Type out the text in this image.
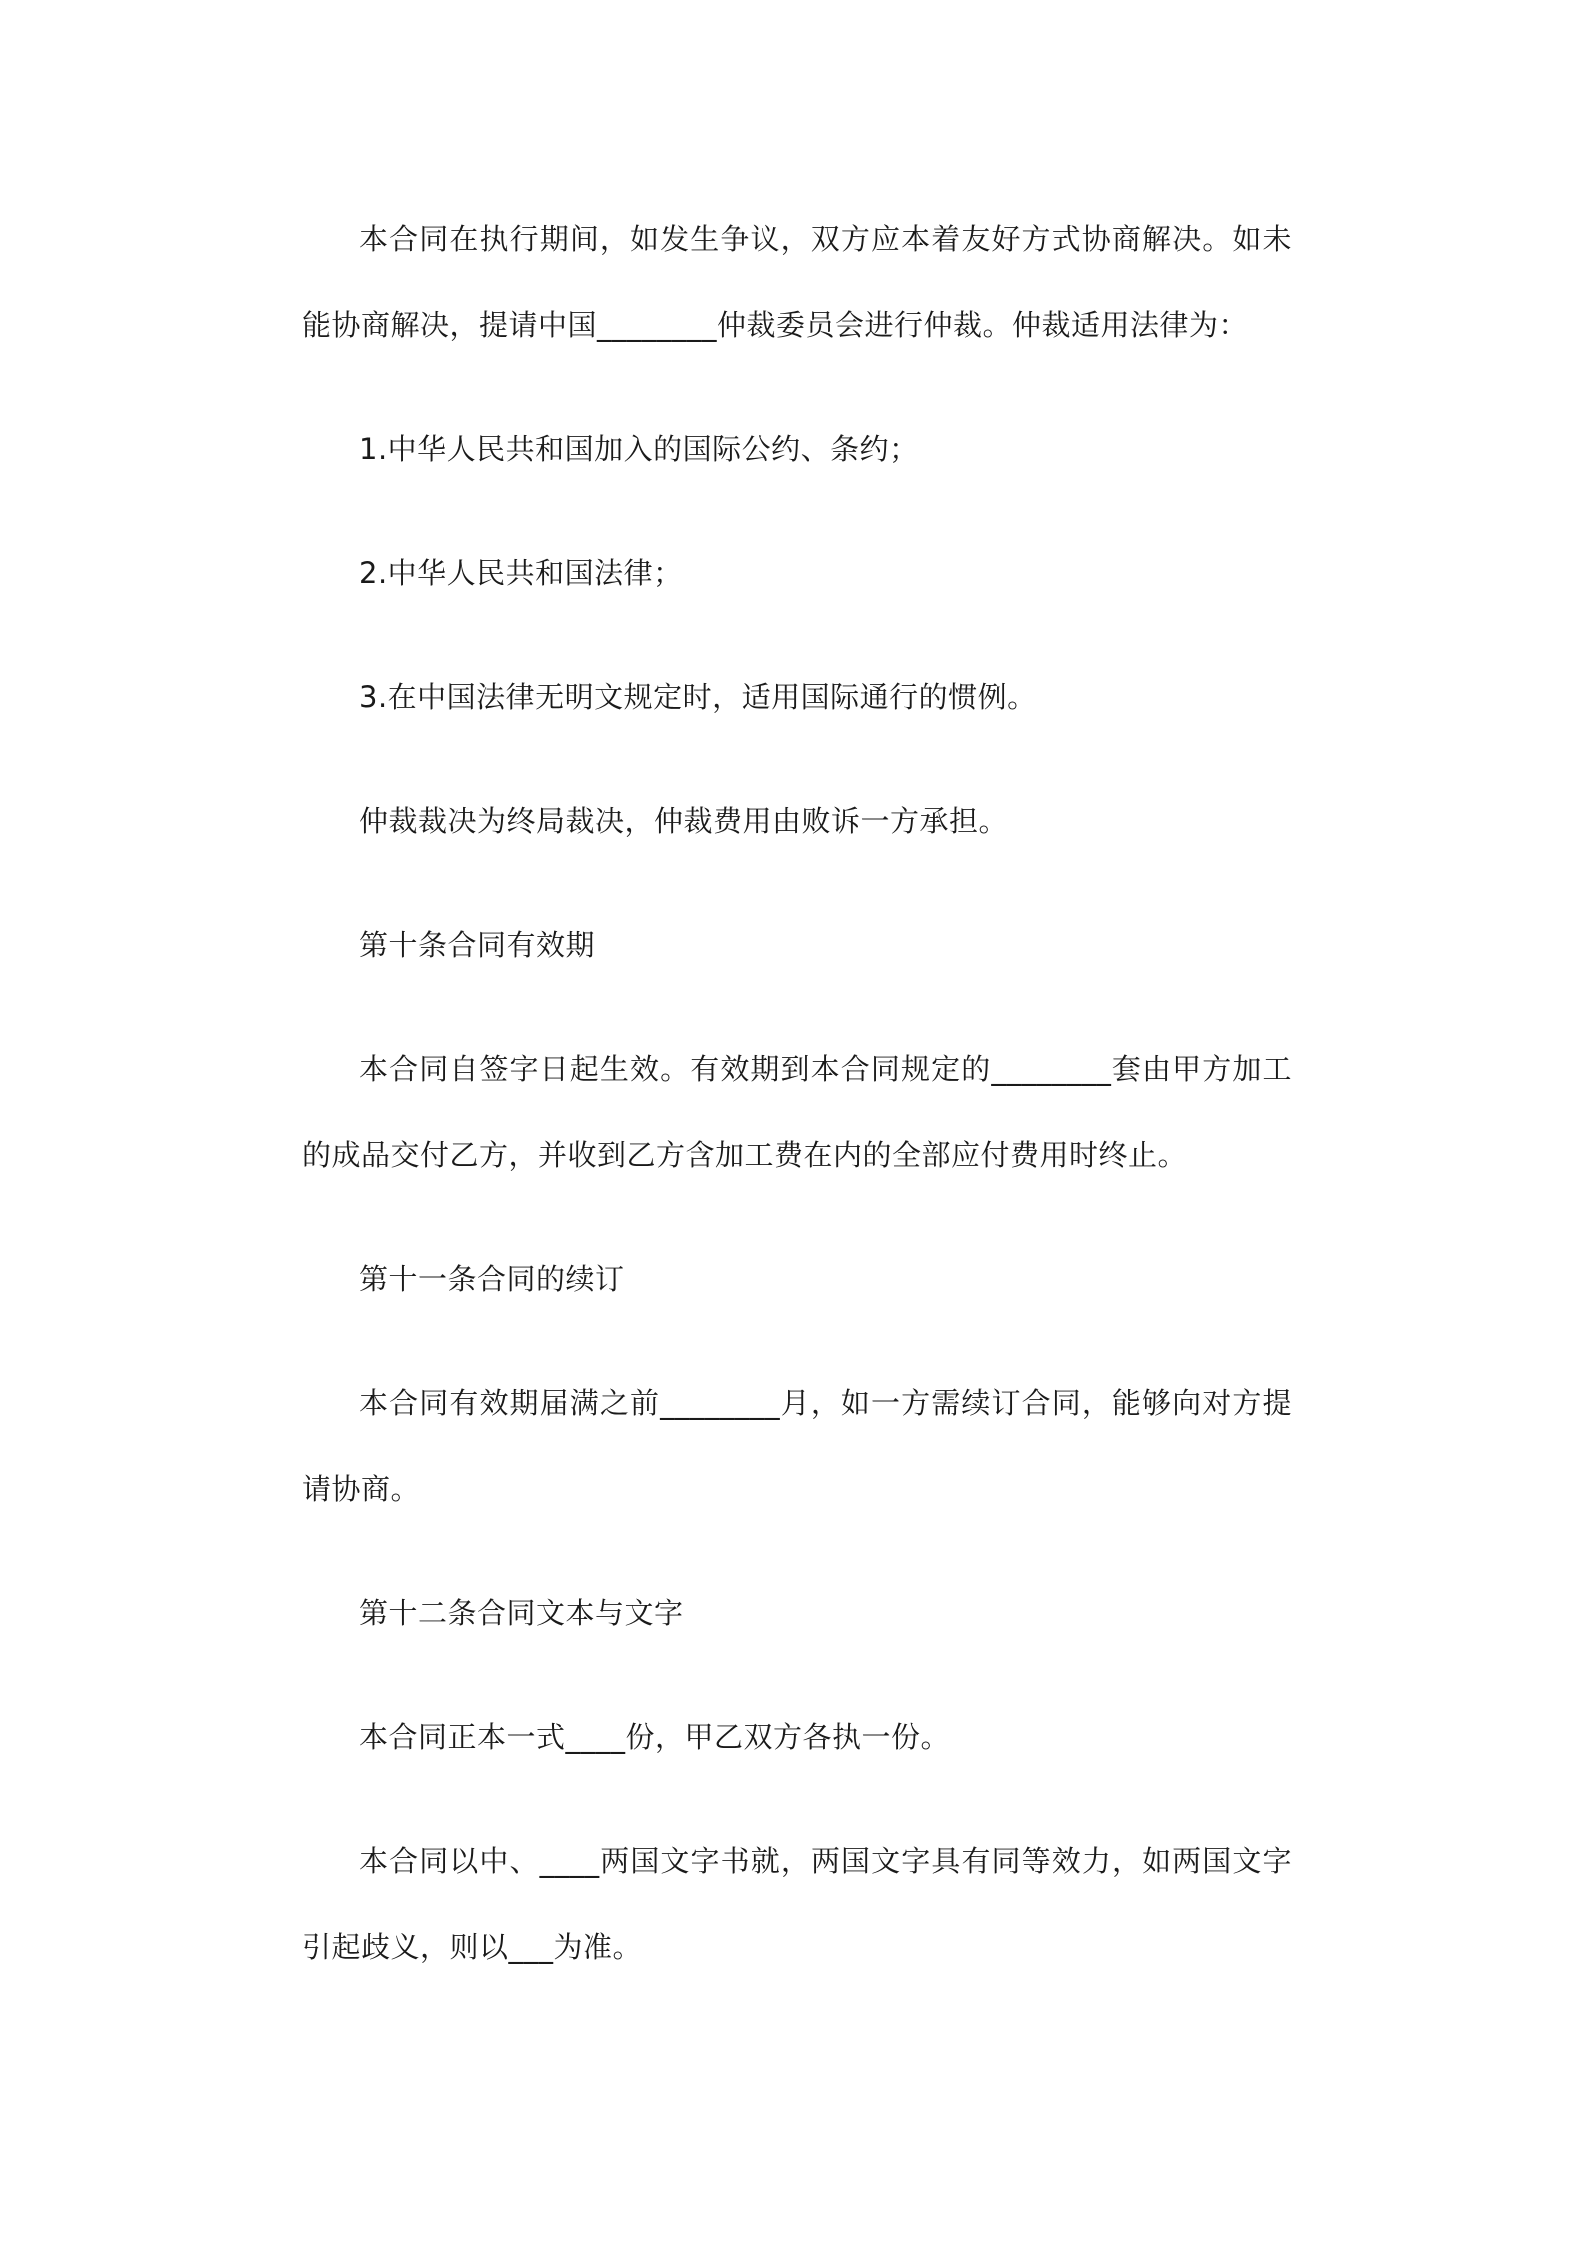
本合同在执行期间，如发生争议，双方应本着友好方式协商解决。如未能协商解决，提请中国________仲裁委员会进行仲裁。仲裁适用法律为：

1.中华人民共和国加入的国际公约、条约；

2.中华人民共和国法律；

3.在中国法律无明文规定时，适用国际通行的惯例。

仲裁裁决为终局裁决，仲裁费用由败诉一方承担。

第十条合同有效期

本合同自签字日起生效。有效期到本合同规定的________套由甲方加工的成品交付乙方，并收到乙方含加工费在内的全部应付费用时终止。

第十一条合同的续订

本合同有效期届满之前________月，如一方需续订合同，能够向对方提请协商。

第十二条合同文本与文字

本合同正本一式____份，甲乙双方各执一份。

本合同以中、____两国文字书就，两国文字具有同等效力，如两国文字引起歧义，则以___为准。
